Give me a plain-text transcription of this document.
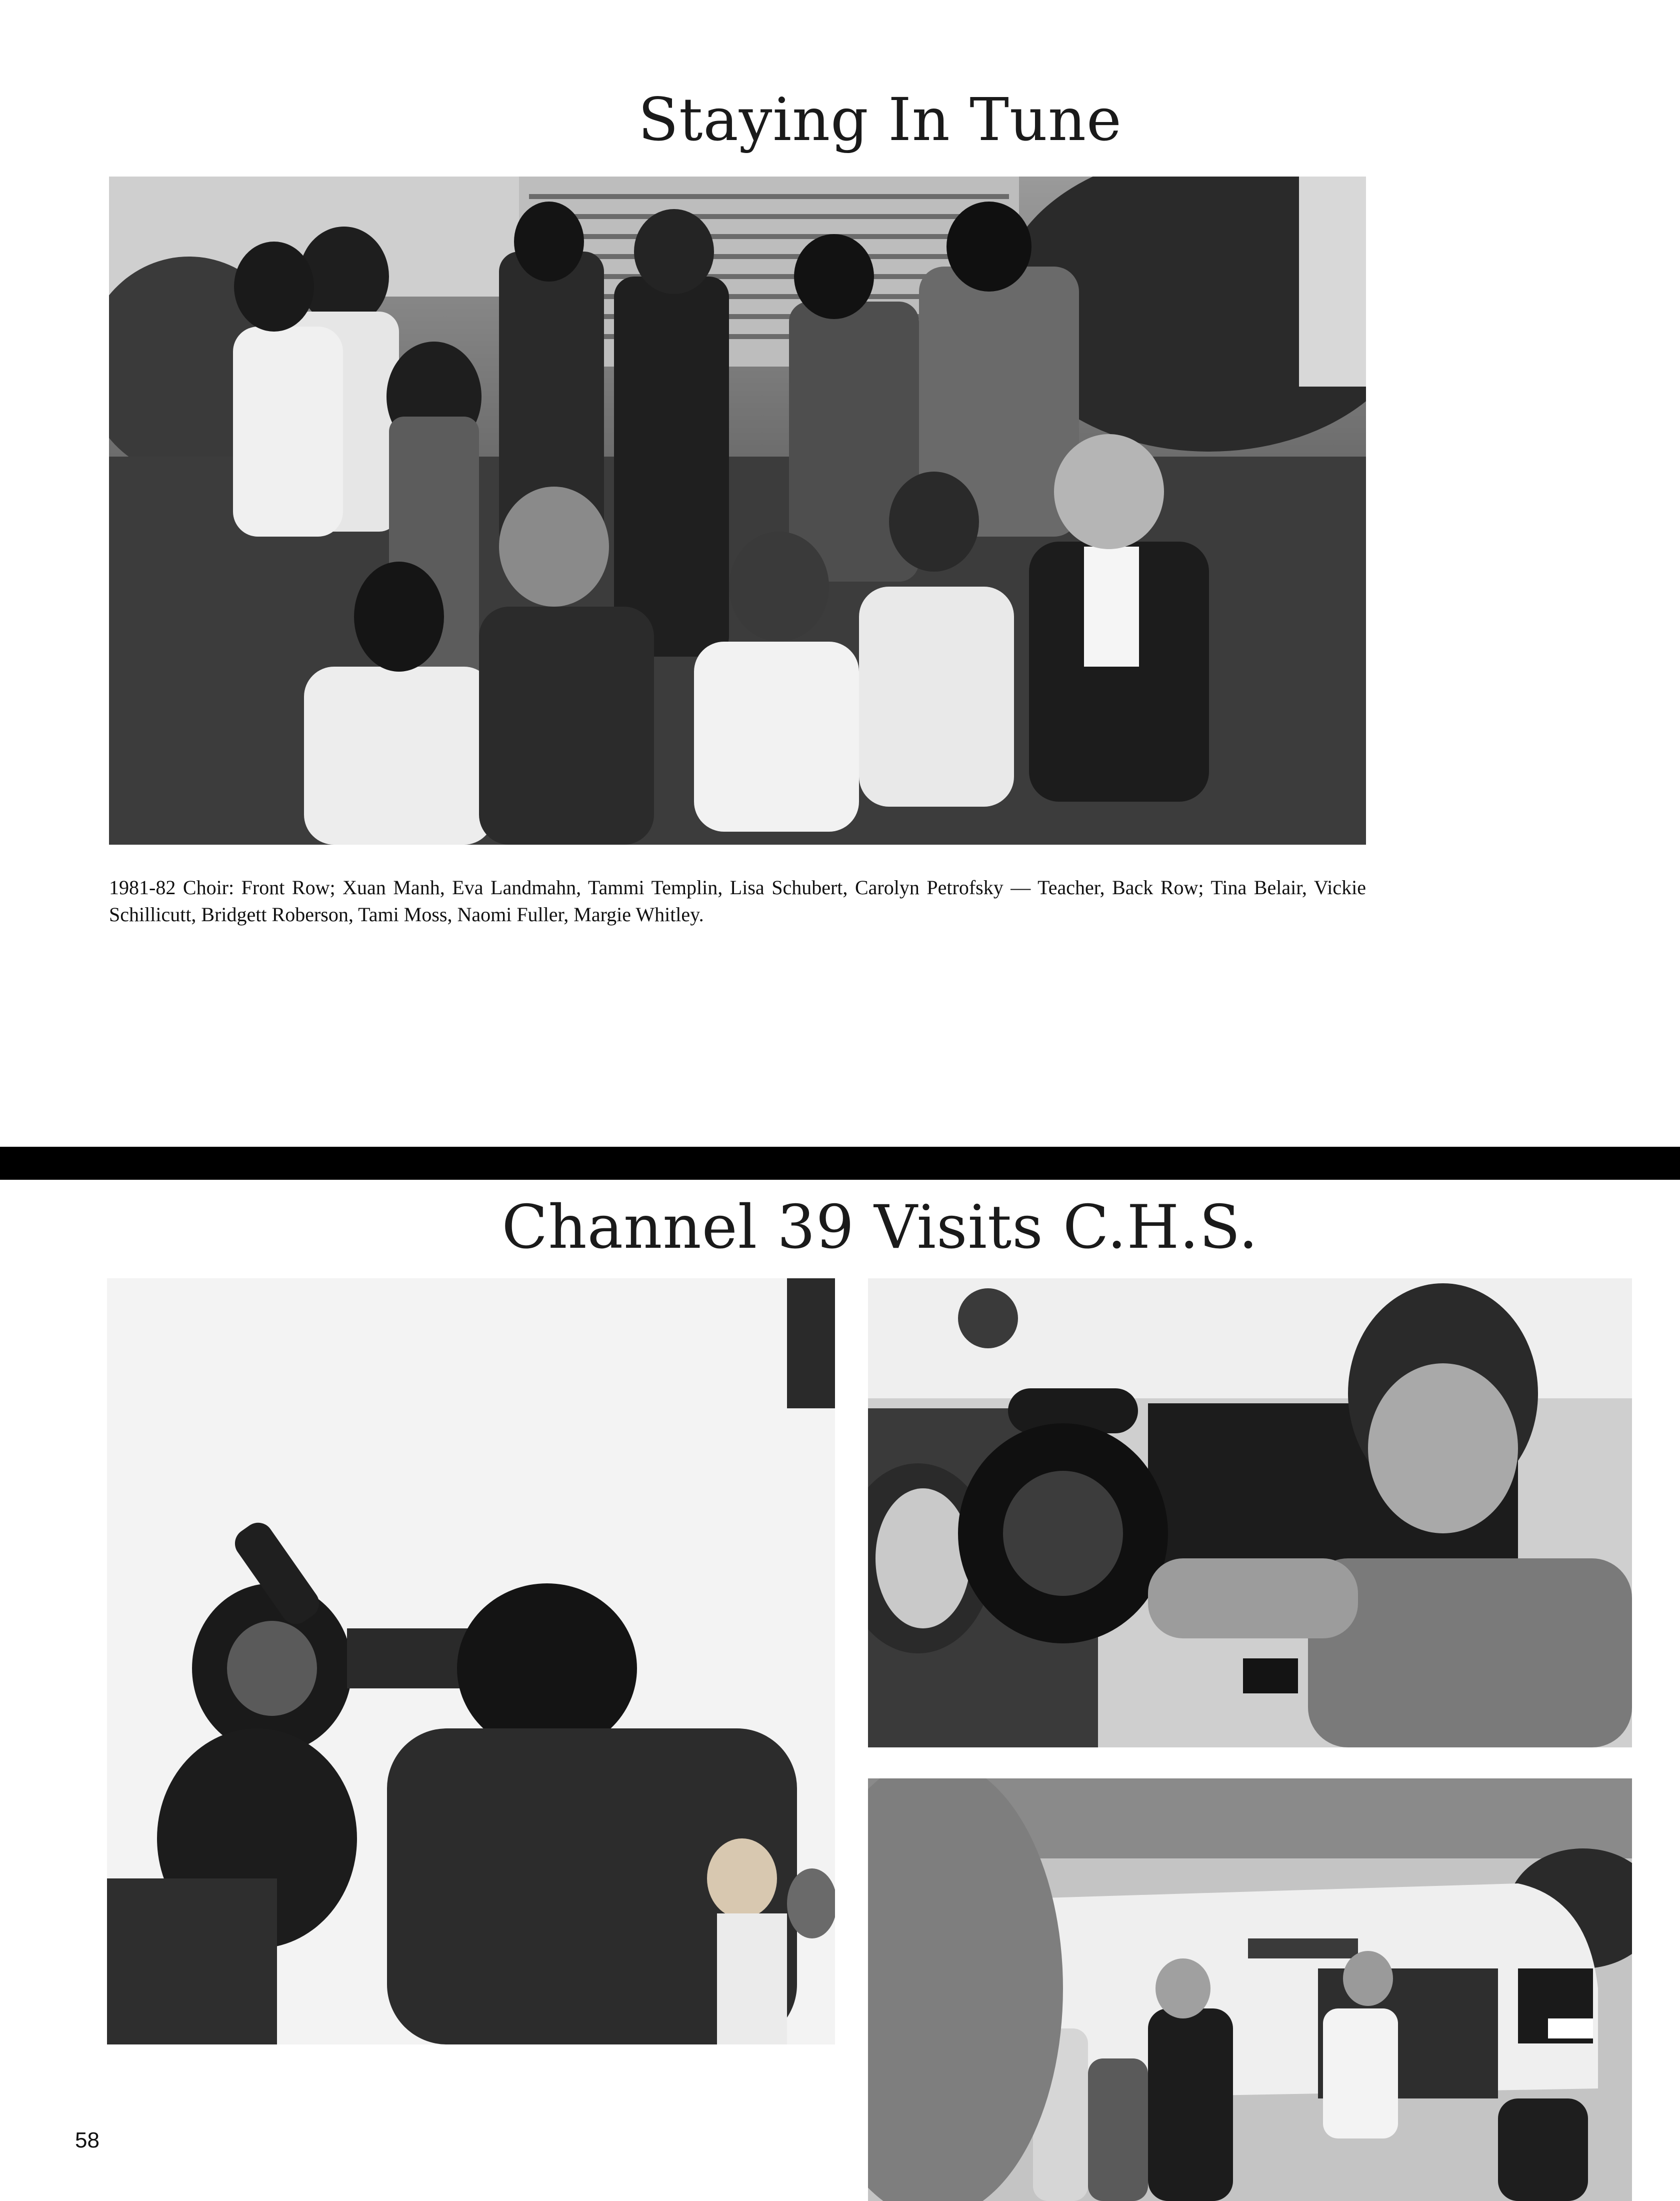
Staying In Tune
1981-82 Choir: Front Row; Xuan Manh, Eva Landmahn, Tammi Templin, Lisa Schubert, Carolyn Petrofsky — Teacher, Back Row; Tina Belair, Vickie Schillicutt, Bridgett Roberson, Tami Moss, Naomi Fuller, Margie Whitley.
Channel 39 Visits C.H.S.
58
